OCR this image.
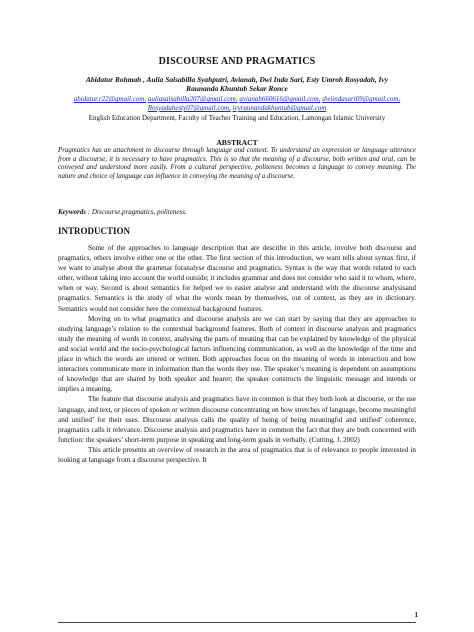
DISCOURSE AND PRAGMATICS
Abidatur Rohmah , Aulia Salsabilla Syahputri, Avianah, Dwi Inda Sari, Esty Umroh Rosyadah, Ivy Raunanda Khuntub Sekar Ronce
abidatur.r22@gmail.com, auliasalsabilla207@gmail.com, avianah660616@gmail.com, dwiindasari69@gmail.com, Rosyadahesty07@gmail.com, ivyraunandakhuntub@gmail.com
English Education Department, Faculty of Teacher Training and Education, Lamongan Islamic University
ABSTRACT
Pragmatics has an attachment to discourse through language and context. To understand an expression or language utterance from a discourse, it is necessary to have pragmatics. This is so that the meaning of a discourse, both written and oral, can be conveyed and understood more easily. From a cultural perspective, politeness becomes a language to convey meaning. The nature and choice of language can influence in conveying the meaning of a discourse.
Keywords : Discourse,pragmatics, politeness.
INTRODUCTION

Some of the approaches to language description that are describe in this article, involve both discourse and pragmatics, others involve either one or the other. The first section of this introduction, we want tells about syntax first, if we want to analyse about the grammar foranalyse discourse and pragmatics. Syntax is the way that words related to each other, without taking into account the world outside; it includes grammar and does not consider who said it to whom, where, when or way. Second is about semantics for helped we to easier analyse and understand with the discourse analysisand pragmatics. Semantics is the study of what the words mean by themselves, out of context, as they are in dictionary. Semantics would not consider here the contextual background features.

Moving on to what pragmatics and discourse analysis are we can start by saying that they are approaches to studying language’s relation to the contextual background features. Both of context in discourse analysis and pragmatics study the meaning of words in context, analysing the parts of meaning that can be explained by knowledge of the physical and social world and the socio-psychological factors influencing communication, as well as the knowledge of the time and place in which the words are uttered or written. Both approaches focus on the meaning of words in interaction and how interactors communicate more in information than the words they use. The speaker’s meaning is dependent on assumptions of knowledge that are shared by both speaker and hearer; the speaker constructs the linguistic message and intends or implies a meaning.

The feature that discourse analysis and pragmatics have in common is that they both look at discourse, or the use language, and text, or pieces of spoken or written discourse concentrating on how stretches of language, become meaningful and unified’ for their uses. Discourse analysis calls the quality of being of being meaningful and unified’ coherence, pragmatics calls it relevance. Discourse analysis and pragmatics have in common the fact that they are both concerned with function: the speakers’ short-term purpose in speaking and long-term goals in verbally. (Cutting, J. 2002)

This article presents an overview of research in the area of pragmatics that is of relevance to people interested in looking at language from a discourse perspective. It

1
